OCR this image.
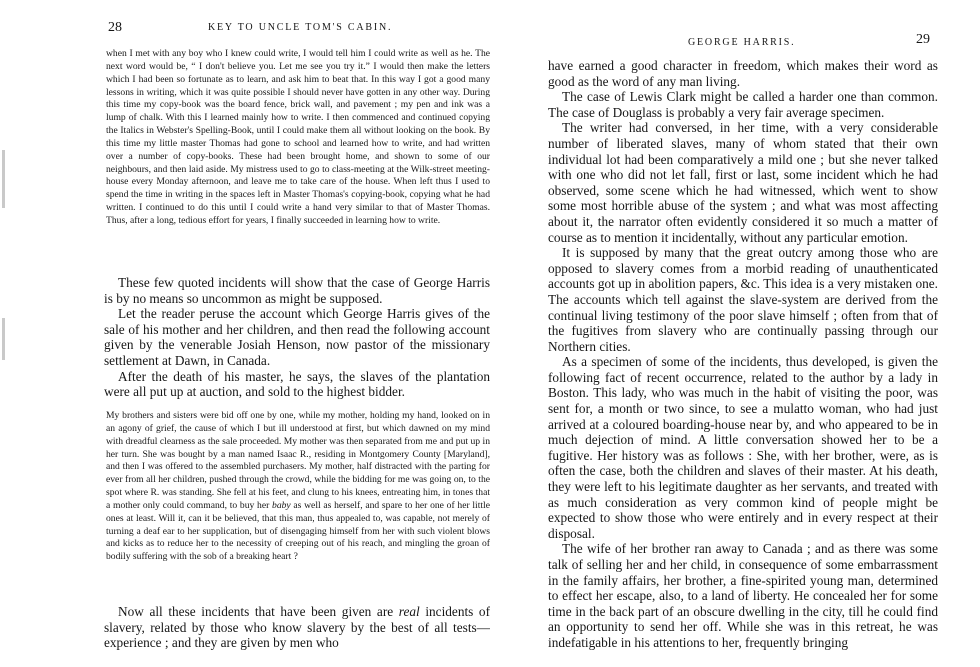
28	KEY TO UNCLE TOM'S CABIN.

when I met with any boy who I knew could write, I would tell him I could write as well as he. The next word would be, “ I don't believe you. Let me see you try it.” I would then make the letters which I had been so fortunate as to learn, and ask him to beat that. In this way I got a good many lessons in writing, which it was quite possible I should never have gotten in any other way. During this time my copy-book was the board fence, brick wall, and pavement ; my pen and ink was a lump of chalk. With this I learned mainly how to write. I then commenced and continued copying the Italics in Webster's Spelling-Book, until I could make them all without looking on the book. By this time my little master Thomas had gone to school and learned how to write, and had written over a number of copy-books. These had been brought home, and shown to some of our neighbours, and then laid aside. My mistress used to go to class-meeting at the Wilk-street meeting-house every Monday afternoon, and leave me to take care of the house. When left thus I used to spend the time in writing in the spaces left in Master Thomas's copying-book, copying what he had written. I continued to do this until I could write a hand very similar to that of Master Thomas. Thus, after a long, tedious effort for years, I finally succeeded in learning how to write.

These few quoted incidents will show that the case of George Harris is by no means so uncommon as might be supposed.

Let the reader peruse the account which George Harris gives of the sale of his mother and her children, and then read the following account given by the venerable Josiah Henson, now pastor of the missionary settlement at Dawn, in Canada.

After the death of his master, he says, the slaves of the plantation were all put up at auction, and sold to the highest bidder.

My brothers and sisters were bid off one by one, while my mother, holding my hand, looked on in an agony of grief, the cause of which I but ill understood at first, but which dawned on my mind with dreadful clearness as the sale proceeded. My mother was then separated from me and put up in her turn. She was bought by a man named Isaac R., residing in Montgomery County [Maryland], and then I was offered to the assembled purchasers. My mother, half distracted with the parting for ever from all her children, pushed through the crowd, while the bidding for me was going on, to the spot where R. was standing. She fell at his feet, and clung to his knees, entreating him, in tones that a mother only could command, to buy her baby as well as herself, and spare to her one of her little ones at least. Will it, can it be believed, that this man, thus appealed to, was capable, not merely of turning a deaf ear to her supplication, but of disengaging himself from her with such violent blows and kicks as to reduce her to the necessity of creeping out of his reach, and mingling the groan of bodily suffering with the sob of a breaking heart ?

Now all these incidents that have been given are real incidents of slavery, related by those who know slavery by the best of all tests—experience ; and they are given by men who

GEORGE HARRIS.	29

have earned a good character in freedom, which makes their word as good as the word of any man living.

The case of Lewis Clark might be called a harder one than common. The case of Douglass is probably a very fair average specimen.

The writer had conversed, in her time, with a very considerable number of liberated slaves, many of whom stated that their own individual lot had been comparatively a mild one ; but she never talked with one who did not let fall, first or last, some incident which he had observed, some scene which he had witnessed, which went to show some most horrible abuse of the system ; and what was most affecting about it, the narrator often evidently considered it so much a matter of course as to mention it incidentally, without any particular emotion.

It is supposed by many that the great outcry among those who are opposed to slavery comes from a morbid reading of unauthenticated accounts got up in abolition papers, &c. This idea is a very mistaken one. The accounts which tell against the slave-system are derived from the continual living testimony of the poor slave himself ; often from that of the fugitives from slavery who are continually passing through our Northern cities.

As a specimen of some of the incidents, thus developed, is given the following fact of recent occurrence, related to the author by a lady in Boston. This lady, who was much in the habit of visiting the poor, was sent for, a month or two since, to see a mulatto woman, who had just arrived at a coloured boarding-house near by, and who appeared to be in much dejection of mind. A little conversation showed her to be a fugitive. Her history was as follows : She, with her brother, were, as is often the case, both the children and slaves of their master. At his death, they were left to his legitimate daughter as her servants, and treated with as much consideration as very common kind of people might be expected to show those who were entirely and in every respect at their disposal.

The wife of her brother ran away to Canada ; and as there was some talk of selling her and her child, in consequence of some embarrassment in the family affairs, her brother, a fine-spirited young man, determined to effect her escape, also, to a land of liberty. He concealed her for some time in the back part of an obscure dwelling in the city, till he could find an opportunity to send her off. While she was in this retreat, he was indefatigable in his attentions to her, frequently bringing
